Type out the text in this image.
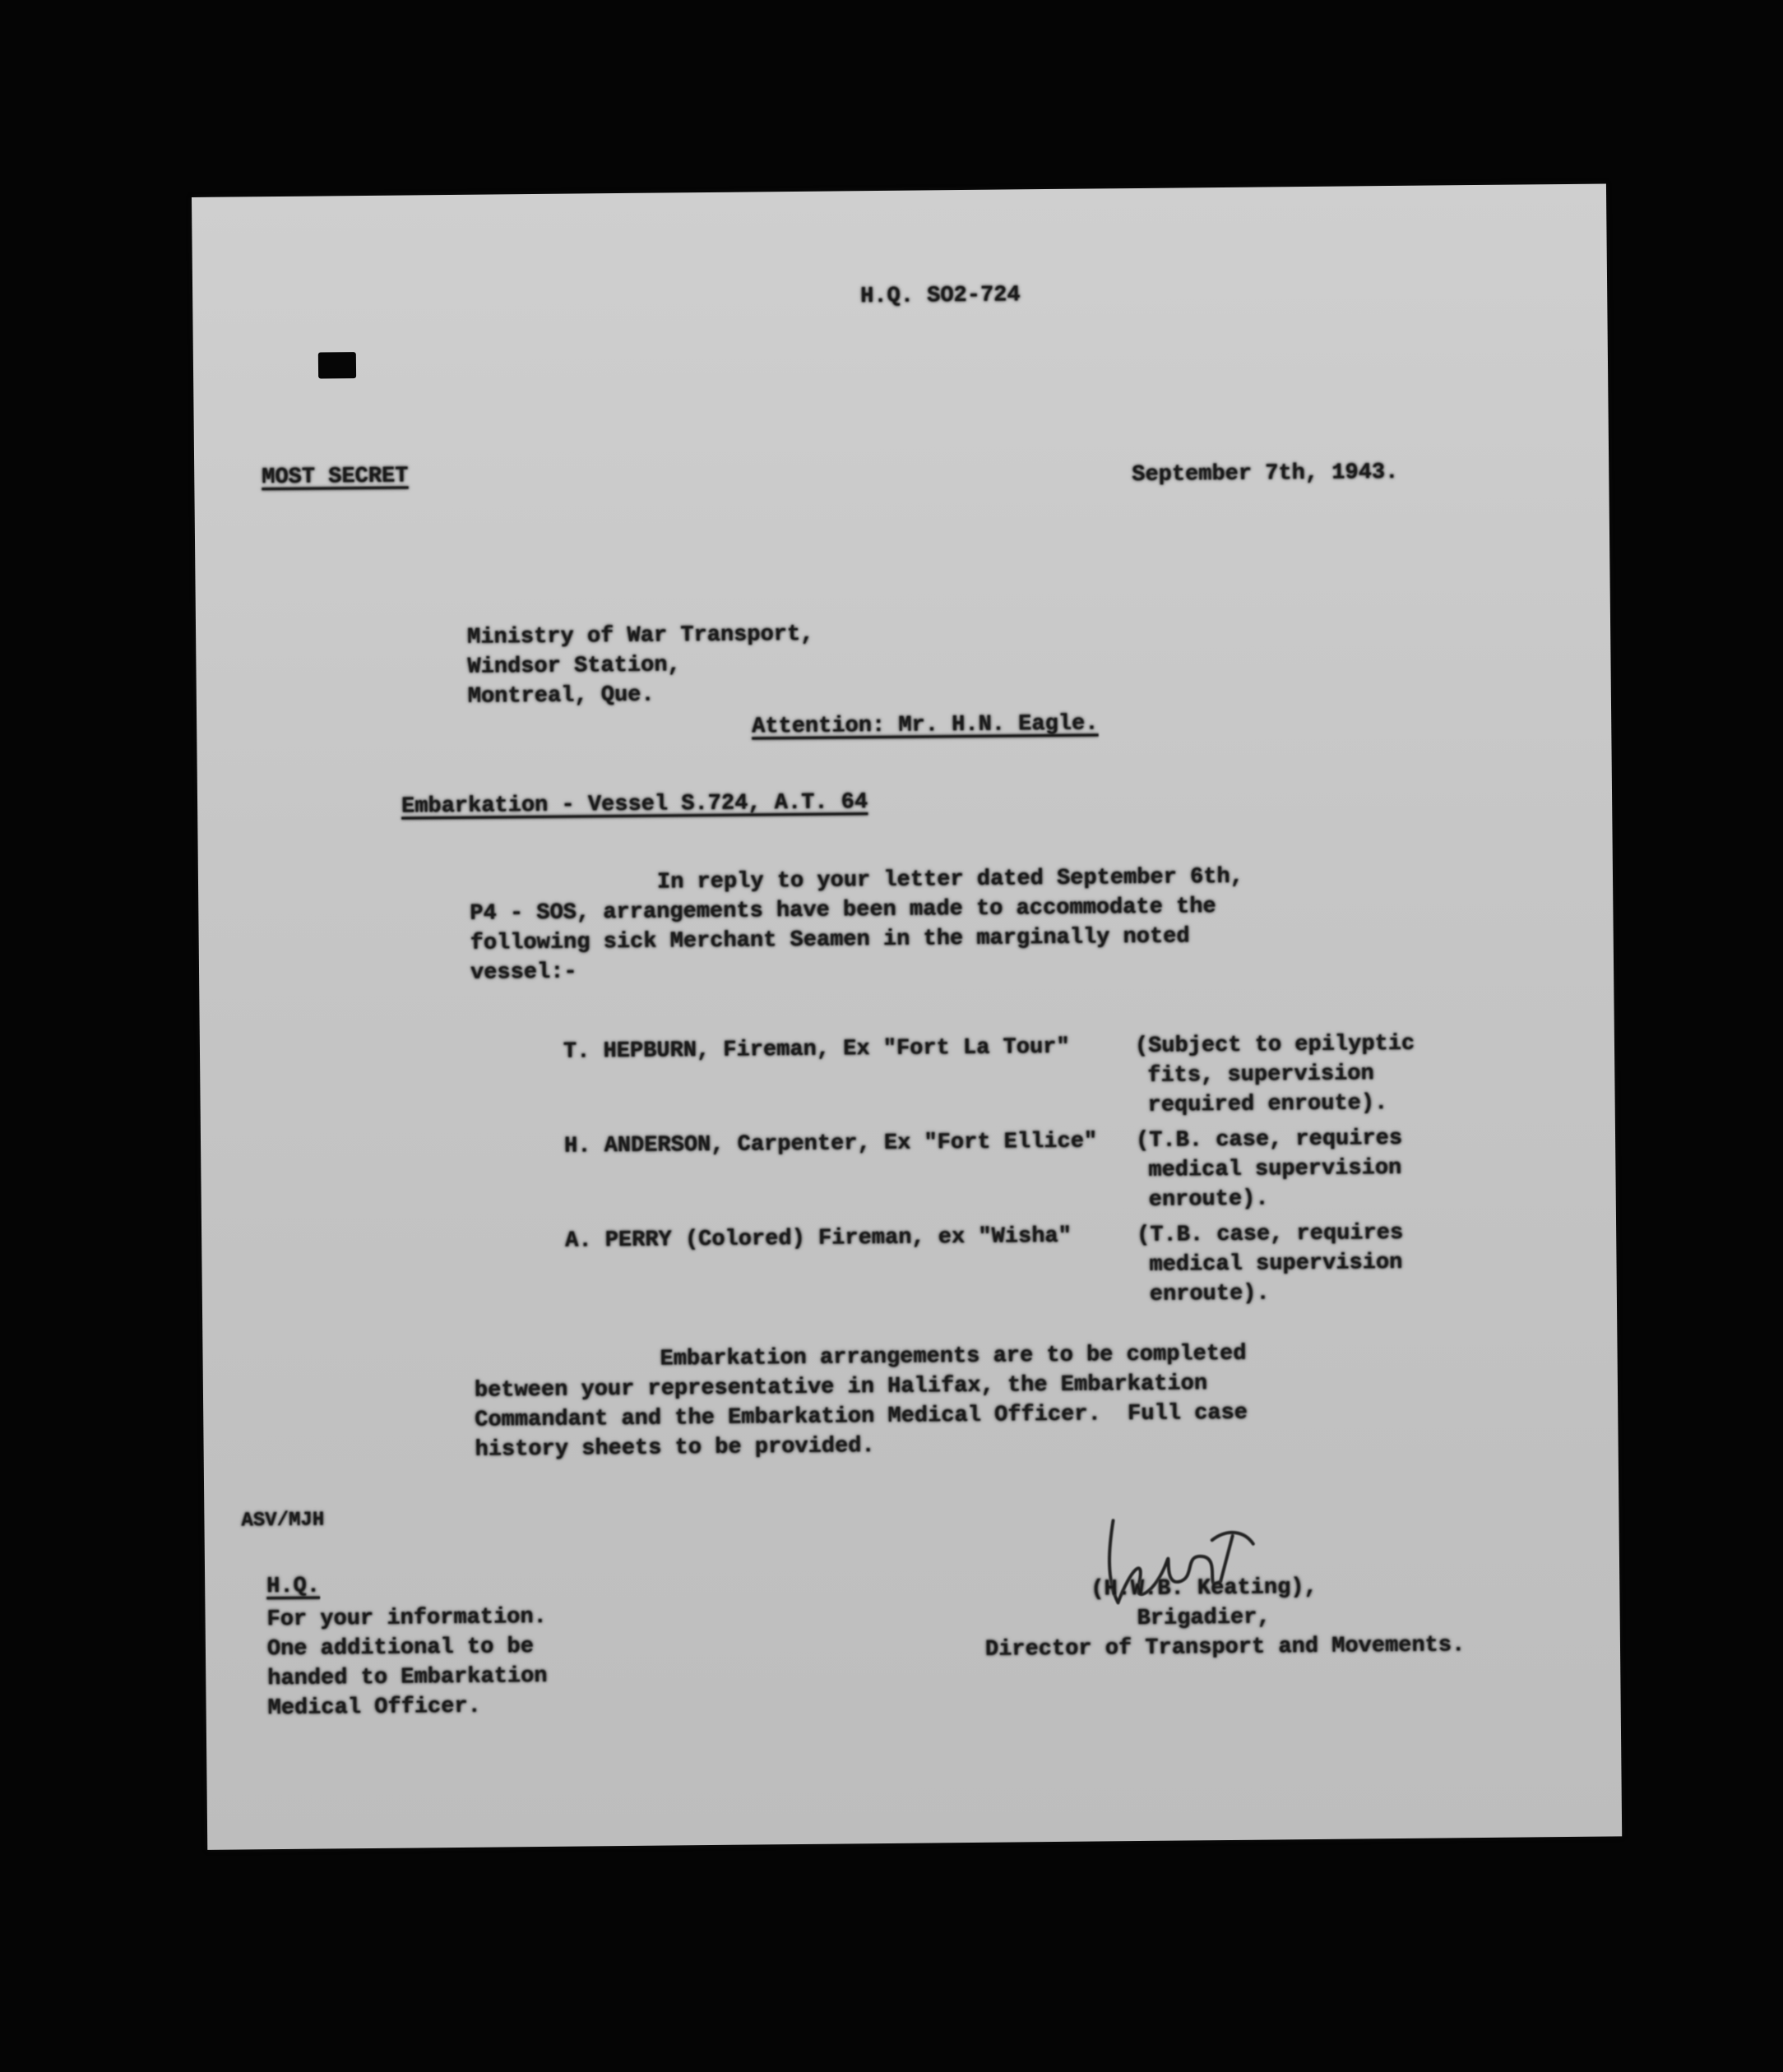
H.Q. SO2-724
MOST SECRET	September 7th, 1943.
Ministry of War Transport,
Windsor Station,
Montreal, Que.
Attention: Mr. H.N. Eagle.
Embarkation - Vessel S.724, A.T. 64
In reply to your letter dated September 6th,
P4 - SOS, arrangements have been made to accommodate the
following sick Merchant Seamen in the marginally noted
vessel:-
T. HEPBURN, Fireman, Ex "Fort La Tour"	(Subject to epilyptic
fits, supervision
required enroute).
H. ANDERSON, Carpenter, Ex "Fort Ellice" (T.B. case, requires
medical supervision
enroute).
A. PERRY (Colored) Fireman, ex "Wisha"	(T.B. case, requires
medical supervision
enroute).
Embarkation arrangements are to be completed
between your representative in Halifax, the Embarkation
Commandant and the Embarkation Medical Officer.  Full case
history sheets to be provided.
ASV/MJH
(H.W.B. Keating),
Brigadier,
Director of Transport and Movements.
H.Q.
For your information.
One additional to be
handed to Embarkation
Medical Officer.
